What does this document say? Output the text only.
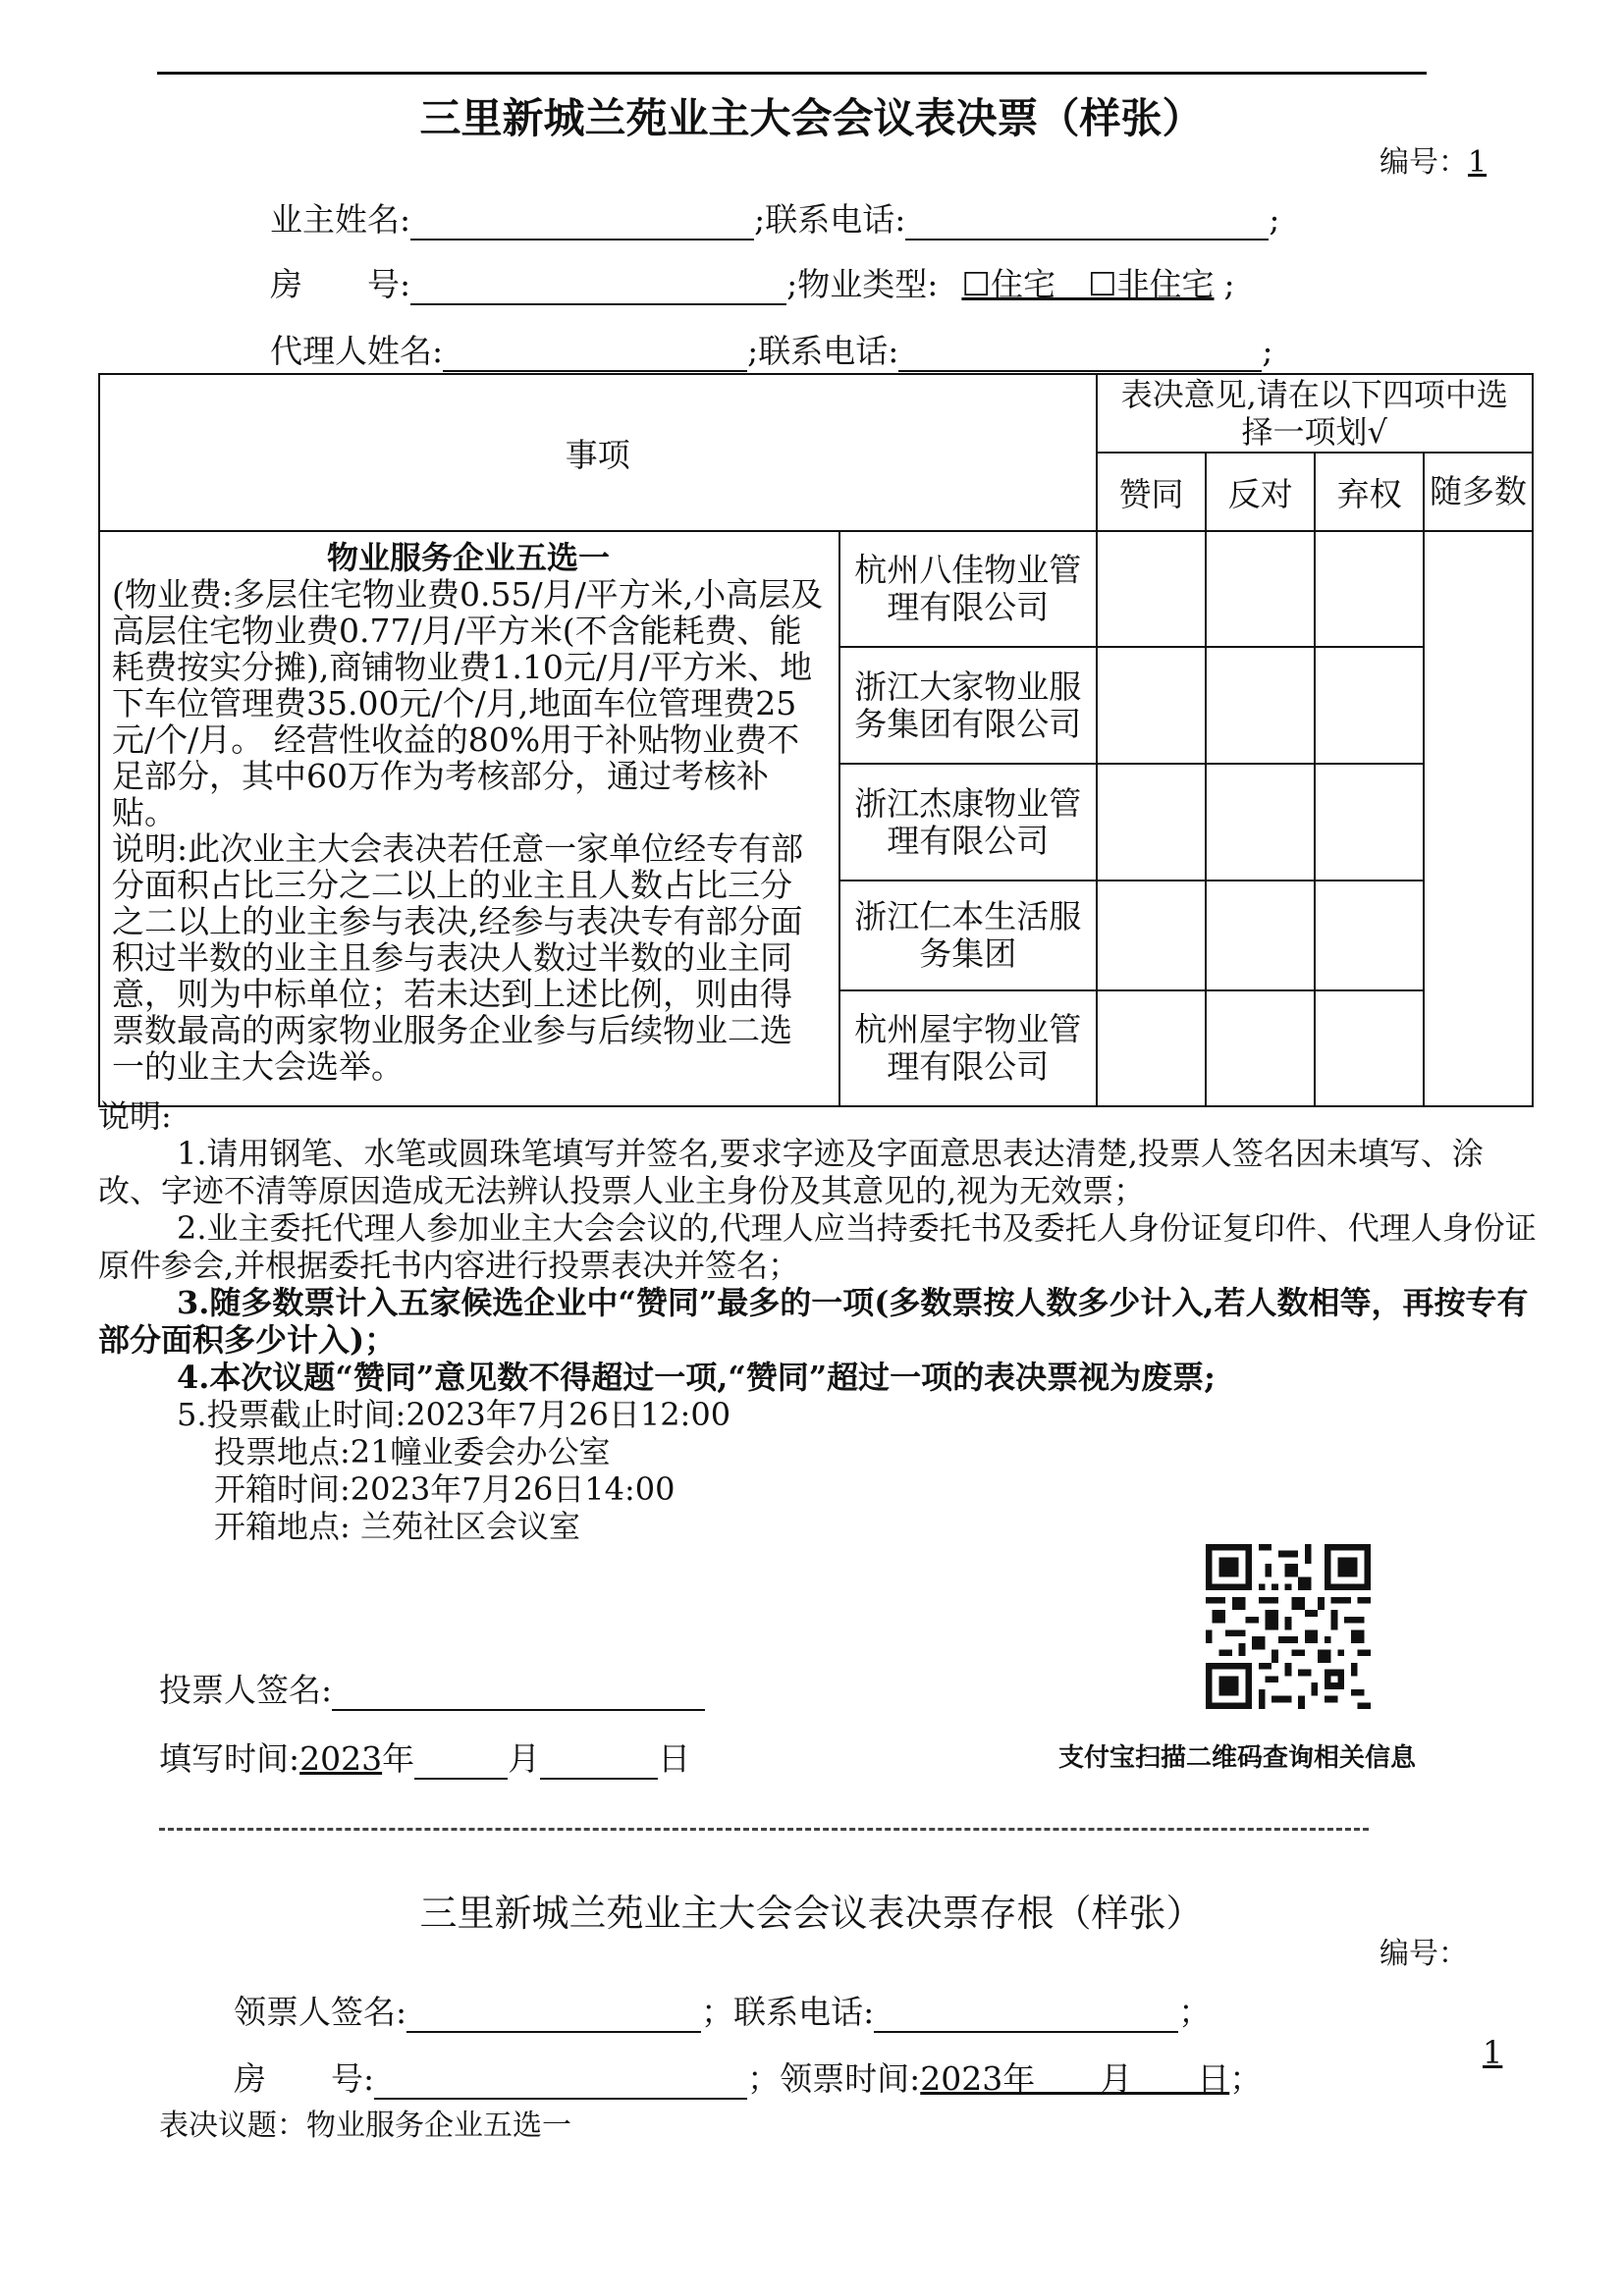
三里新城兰苑业主大会会议表决票（样张）
编号：1
业主姓名:	;联系电话:	;
房　　号:	;物业类型: ☐住宅　☐非住宅 ;
代理人姓名:	;联系电话:	;
事项		表决意见,请在以下四项中选择一项划√			
		赞同	反对	弃权	随多数

物业服务企业五选一
(物业费:多层住宅物业费0.55/月/平方米,小高层及高层住宅物业费0.77/月/平方米(不含能耗费、能耗费按实分摊),商铺物业费1.10元/月/平方米、地下车位管理费35.00元/个/月,地面车位管理费25元/个/月。 经营性收益的80%用于补贴物业费不足部分，其中60万作为考核部分，通过考核补贴。
说明:此次业主大会表决若任意一家单位经专有部分面积占比三分之二以上的业主且人数占比三分之二以上的业主参与表决,经参与表决专有部分面积过半数的业主且参与表决人数过半数的业主同意，则为中标单位；若未达到上述比例，则由得票数最高的两家物业服务企业参与后续物业二选一的业主大会选举。	杭州八佳物业管理有限公司				
	浙江大家物业服务集团有限公司				
	浙江杰康物业管理有限公司				
	浙江仁本生活服务集团				
	杭州屋宇物业管理有限公司				

说明:

1.请用钢笔、水笔或圆珠笔填写并签名,要求字迹及字面意思表达清楚,投票人签名因未填写、涂改、字迹不清等原因造成无法辨认投票人业主身份及其意见的,视为无效票；

2.业主委托代理人参加业主大会会议的,代理人应当持委托书及委托人身份证复印件、代理人身份证原件参会,并根据委托书内容进行投票表决并签名；

3.随多数票计入五家候选企业中“赞同”最多的一项(多数票按人数多少计入,若人数相等，再按专有部分面积多少计入)；

4.本次议题“赞同”意见数不得超过一项,“赞同”超过一项的表决票视为废票;

5.投票截止时间:2023年7月26日12:00

投票地点:21幢业委会办公室

开箱时间:2023年7月26日14:00

开箱地点: 兰苑社区会议室

投票人签名:
填写时间:2023年	月	日	支付宝扫描二维码查询相关信息
三里新城兰苑业主大会会议表决票存根（样张）
编号：
领票人签名:	；联系电话:	；
1
房　　号:	；领票时间:2023年　　月　　日；
表决议题：物业服务企业五选一
